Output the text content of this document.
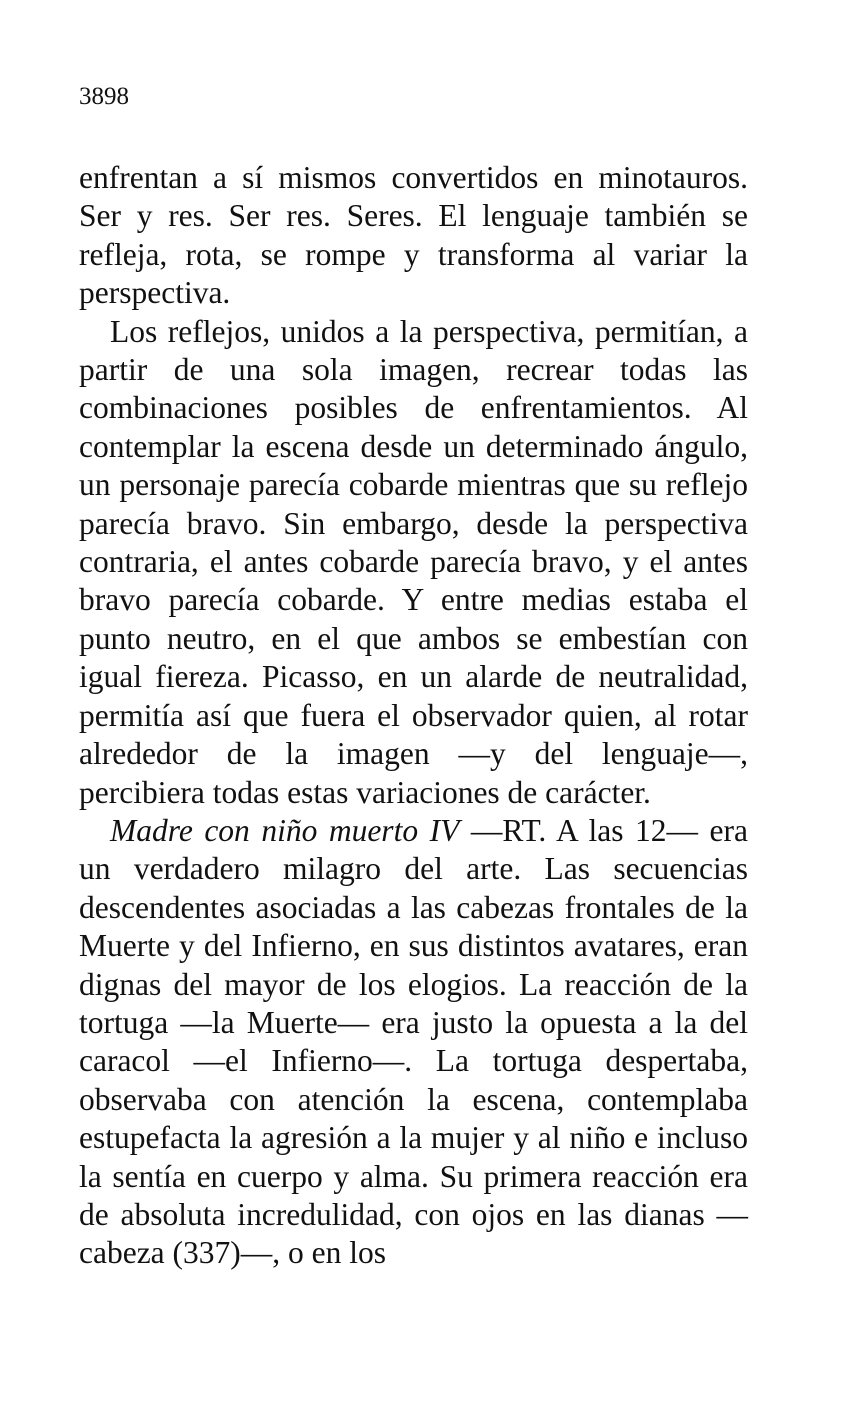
3898

enfrentan a sí mismos convertidos en minotauros. Ser y res. Ser res. Seres. El lenguaje también se refleja, rota, se rompe y transforma al variar la perspectiva.

Los reflejos, unidos a la perspectiva, permitían, a partir de una sola imagen, recrear todas las combinaciones posibles de enfrentamientos. Al contemplar la escena desde un determinado ángulo, un personaje parecía cobarde mientras que su reflejo parecía bravo. Sin embargo, desde la perspectiva contraria, el antes cobarde parecía bravo, y el antes bravo parecía cobarde. Y entre medias estaba el punto neutro, en el que ambos se embestían con igual fiereza. Picasso, en un alarde de neutralidad, permitía así que fuera el observador quien, al rotar alrededor de la imagen —y del lenguaje—, percibiera todas estas variaciones de carácter.

Madre con niño muerto IV —RT. A las 12— era un verdadero milagro del arte. Las secuencias descendentes asociadas a las cabezas frontales de la Muerte y del Infierno, en sus distintos avatares, eran dignas del mayor de los elogios. La reacción de la tortuga —la Muerte— era justo la opuesta a la del caracol —el Infierno—. La tortuga despertaba, observaba con atención la escena, contemplaba estupefacta la agresión a la mujer y al niño e incluso la sentía en cuerpo y alma. Su primera reacción era de absoluta incredulidad, con ojos en las dianas —cabeza (337)—, o en los
